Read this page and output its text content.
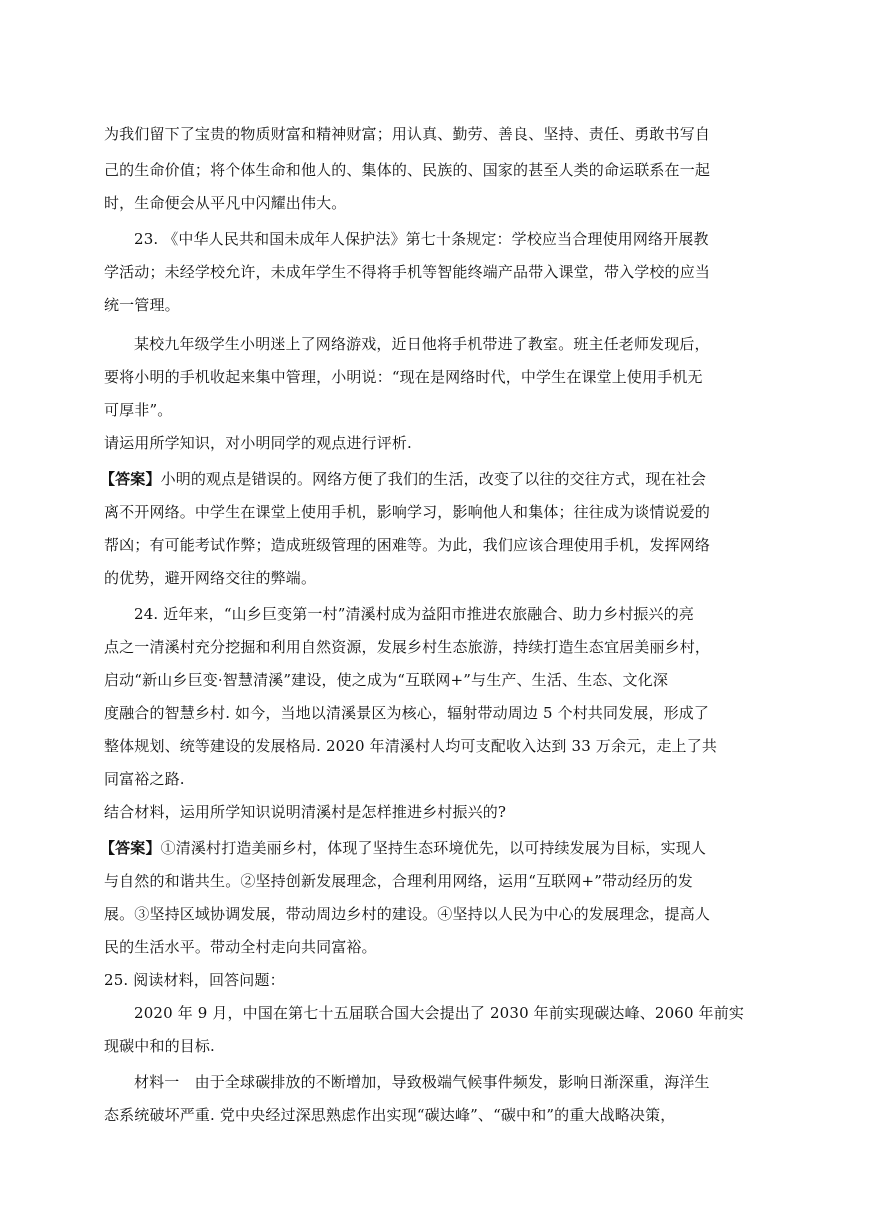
为我们留下了宝贵的物质财富和精神财富；用认真、勤劳、善良、坚持、责任、勇敢书写自
己的生命价值；将个体生命和他人的、集体的、民族的、国家的甚至人类的命运联系在一起
时，生命便会从平凡中闪耀出伟大。
23. 《中华人民共和国未成年人保护法》第七十条规定：学校应当合理使用网络开展教
学活动；未经学校允许，未成年学生不得将手机等智能终端产品带入课堂，带入学校的应当
统一管理。
某校九年级学生小明迷上了网络游戏，近日他将手机带进了教室。班主任老师发现后，
要将小明的手机收起来集中管理，小明说：“现在是网络时代，中学生在课堂上使用手机无
可厚非”。
请运用所学知识，对小明同学的观点进行评析.
【答案】小明的观点是错误的。网络方便了我们的生活，改变了以往的交往方式，现在社会
离不开网络。中学生在课堂上使用手机，影响学习，影响他人和集体；往往成为谈情说爱的
帮凶；有可能考试作弊；造成班级管理的困难等。为此，我们应该合理使用手机，发挥网络
的优势，避开网络交往的弊端。
24. 近年来，“山乡巨变第一村”清溪村成为益阳市推进农旅融合、助力乡村振兴的亮
点之一清溪村充分挖掘和利用自然资源，发展乡村生态旅游，持续打造生态宜居美丽乡村，
启动“新山乡巨变·智慧清溪”建设，使之成为“互联网+”与生产、生活、生态、文化深
度融合的智慧乡村. 如今，当地以清溪景区为核心，辐射带动周边 5 个村共同发展，形成了
整体规划、统等建设的发展格局. 2020 年清溪村人均可支配收入达到 33 万余元，走上了共
同富裕之路.
结合材料，运用所学知识说明清溪村是怎样推进乡村振兴的?
【答案】①清溪村打造美丽乡村，体现了坚持生态环境优先，以可持续发展为目标，实现人
与自然的和谐共生。②坚持创新发展理念，合理利用网络，运用“互联网+”带动经历的发
展。③坚持区域协调发展，带动周边乡村的建设。④坚持以人民为中心的发展理念，提高人
民的生活水平。带动全村走向共同富裕。
25. 阅读材料，回答问题：
2020 年 9 月，中国在第七十五届联合国大会提出了 2030 年前实现碳达峰、2060 年前实
现碳中和的目标.
材料一　由于全球碳排放的不断增加，导致极端气候事件频发，影响日渐深重，海洋生
态系统破坏严重. 党中央经过深思熟虑作出实现“碳达峰”、“碳中和”的重大战略决策，
